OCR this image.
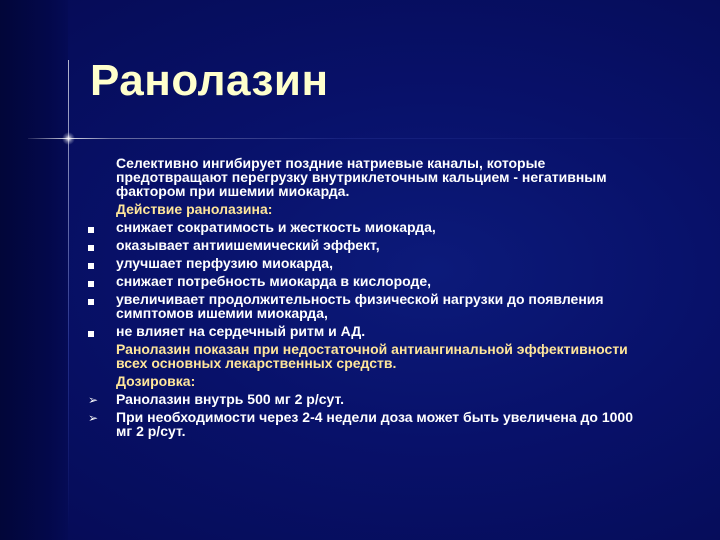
Ранолазин
Селективно ингибирует поздние натриевые каналы, которые предотвращают перегрузку внутриклеточным кальцием - негативным фактором при ишемии миокарда.
Действие ранолазина:
снижает сократимость и жесткость миокарда,
оказывает антиишемический эффект,
улучшает перфузию миокарда,
снижает потребность миокарда в кислороде,
увеличивает продолжительность физической нагрузки до появления симптомов ишемии миокарда,
не влияет на сердечный ритм и АД.
Ранолазин показан при недостаточной антиангинальной эффективности всех основных лекарственных средств.
Дозировка:
➢ Ранолазин внутрь 500 мг 2 р/сут.
➢ При необходимости через 2-4 недели доза может быть увеличена до 1000 мг 2 р/сут.
